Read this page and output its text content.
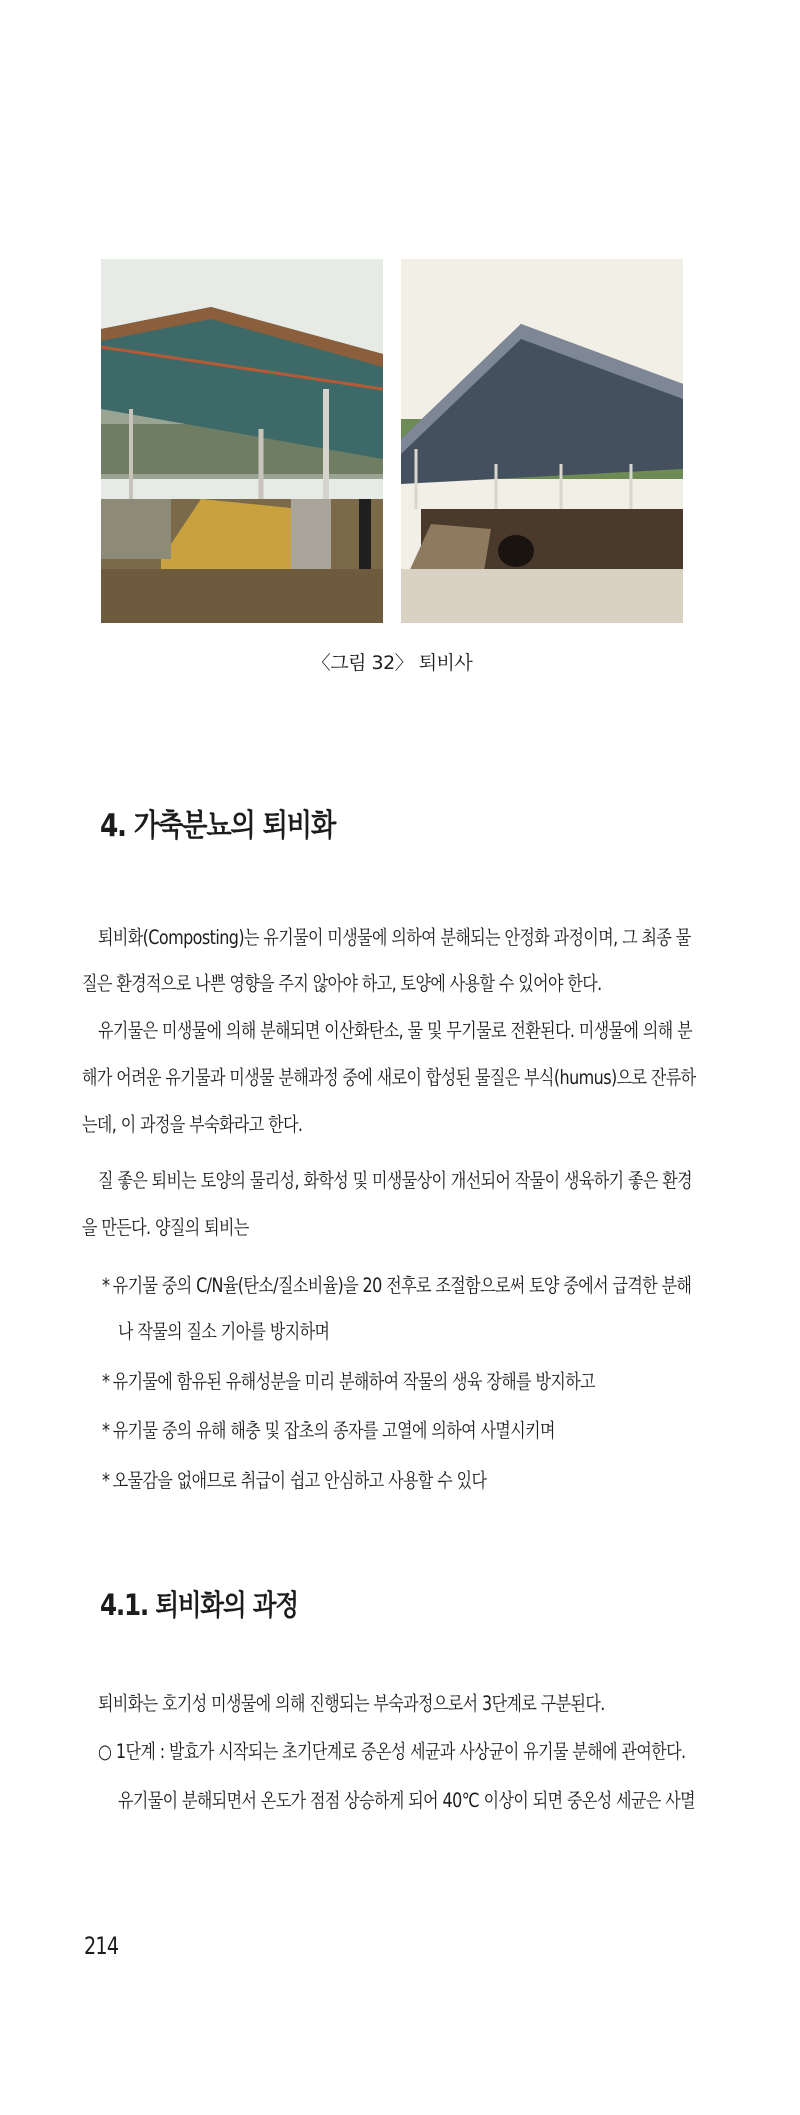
〈그림 32〉 퇴비사
4. 가축분뇨의 퇴비화
퇴비화(Composting)는 유기물이 미생물에 의하여 분해되는 안정화 과정이며, 그 최종 물
질은 환경적으로 나쁜 영향을 주지 않아야 하고, 토양에 사용할 수 있어야 한다.
유기물은 미생물에 의해 분해되면 이산화탄소, 물 및 무기물로 전환된다. 미생물에 의해 분
해가 어려운 유기물과 미생물 분해과정 중에 새로이 합성된 물질은 부식(humus)으로 잔류하
는데, 이 과정을 부숙화라고 한다.
질 좋은 퇴비는 토양의 물리성, 화학성 및 미생물상이 개선되어 작물이 생육하기 좋은 환경
을 만든다. 양질의 퇴비는
* 유기물 중의 C/N율(탄소/질소비율)을 20 전후로 조절함으로써 토양 중에서 급격한 분해
나 작물의 질소 기아를 방지하며
* 유기물에 함유된 유해성분을 미리 분해하여 작물의 생육 장해를 방지하고
* 유기물 중의 유해 해충 및 잡초의 종자를 고열에 의하여 사멸시키며
* 오물감을 없애므로 취급이 쉽고 안심하고 사용할 수 있다
4.1. 퇴비화의 과정
퇴비화는 호기성 미생물에 의해 진행되는 부숙과정으로서 3단계로 구분된다.
○ 1단계 : 발효가 시작되는 초기단계로 중온성 세균과 사상균이 유기물 분해에 관여한다.
유기물이 분해되면서 온도가 점점 상승하게 되어 40℃ 이상이 되면 중온성 세균은 사멸
214
